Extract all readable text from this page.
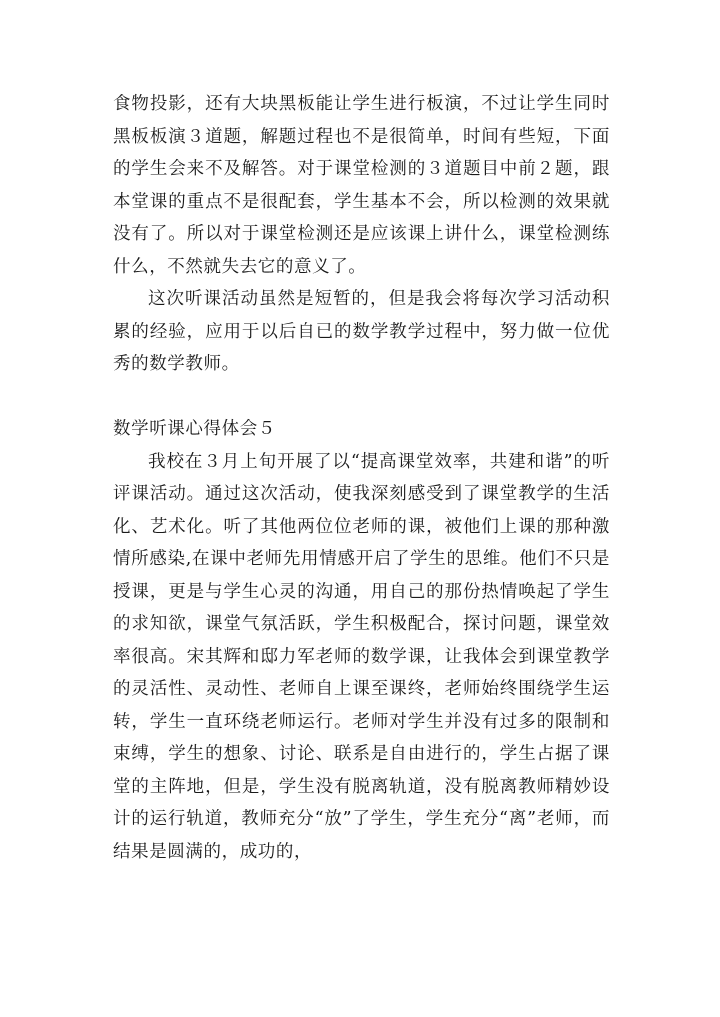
食物投影，还有大块黑板能让学生进行板演，不过让学生同时黑板板演３道题，解题过程也不是很简单，时间有些短，下面的学生会来不及解答。对于课堂检测的３道题目中前２题，跟本堂课的重点不是很配套，学生基本不会，所以检测的效果就没有了。所以对于课堂检测还是应该课上讲什么，课堂检测练什么，不然就失去它的意义了。

这次听课活动虽然是短暂的，但是我会将每次学习活动积累的经验，应用于以后自已的数学教学过程中，努力做一位优秀的数学教师。

数学听课心得体会５

我校在３月上旬开展了以“提高课堂效率，共建和谐”的听评课活动。通过这次活动，使我深刻感受到了课堂教学的生活化、艺术化。听了其他两位位老师的课，被他们上课的那种激情所感染,在课中老师先用情感开启了学生的思维。他们不只是授课，更是与学生心灵的沟通，用自己的那份热情唤起了学生的求知欲，课堂气氛活跃，学生积极配合，探讨问题，课堂效率很高。宋其辉和邸力军老师的数学课，让我体会到课堂教学的灵活性、灵动性、老师自上课至课终，老师始终围绕学生运转，学生一直环绕老师运行。老师对学生并没有过多的限制和束缚，学生的想象、讨论、联系是自由进行的，学生占据了课堂的主阵地，但是，学生没有脱离轨道，没有脱离教师精妙设计的运行轨道，教师充分“放”了学生，学生充分“离”老师，而结果是圆满的，成功的，
